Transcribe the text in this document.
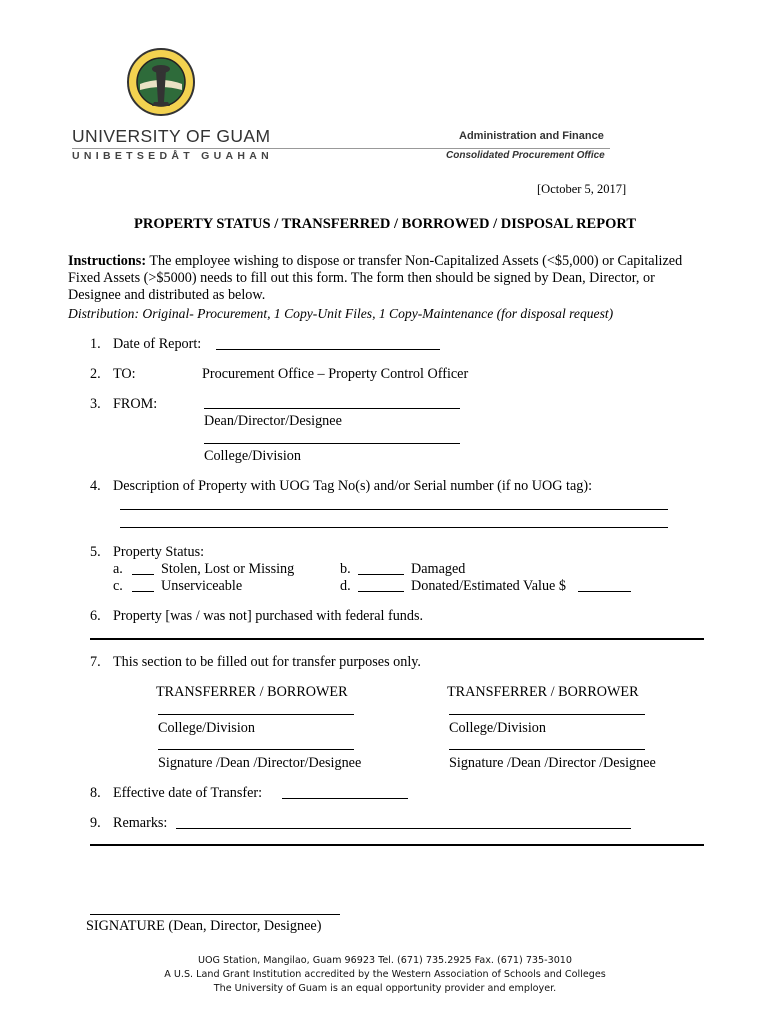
UNIVERSITY OF GUAM
UNIBETSEDÅT GUAHAN
Administration and Finance
Consolidated Procurement Office
[October 5, 2017]
PROPERTY STATUS / TRANSFERRED / BORROWED / DISPOSAL REPORT
Instructions: The employee wishing to dispose or transfer Non-Capitalized Assets (<$5,000) or Capitalized Fixed Assets (>$5000) needs to fill out this form. The form then should be signed by Dean, Director, or Designee and distributed as below.
Distribution: Original- Procurement, 1 Copy-Unit Files, 1 Copy-Maintenance (for disposal request)
1. Date of Report:
2. TO:	Procurement Office – Property Control Officer
3. FROM:
Dean/Director/Designee
College/Division
4. Description of Property with UOG Tag No(s) and/or Serial number (if no UOG tag):
5. Property Status:
a.	Stolen, Lost or Missing	b.	Damaged
c.	Unserviceable	d.	Donated/Estimated Value $
6. Property [was / was not] purchased with federal funds.
7. This section to be filled out for transfer purposes only.
TRANSFERRER / BORROWER
College/Division
Signature /Dean /Director/Designee
TRANSFERRER / BORROWER
College/Division
Signature /Dean /Director /Designee
8. Effective date of Transfer:
9. Remarks:
SIGNATURE (Dean, Director, Designee)
UOG Station, Mangilao, Guam 96923 Tel. (671) 735.2925 Fax. (671) 735-3010
A U.S. Land Grant Institution accredited by the Western Association of Schools and Colleges
The University of Guam is an equal opportunity provider and employer.
